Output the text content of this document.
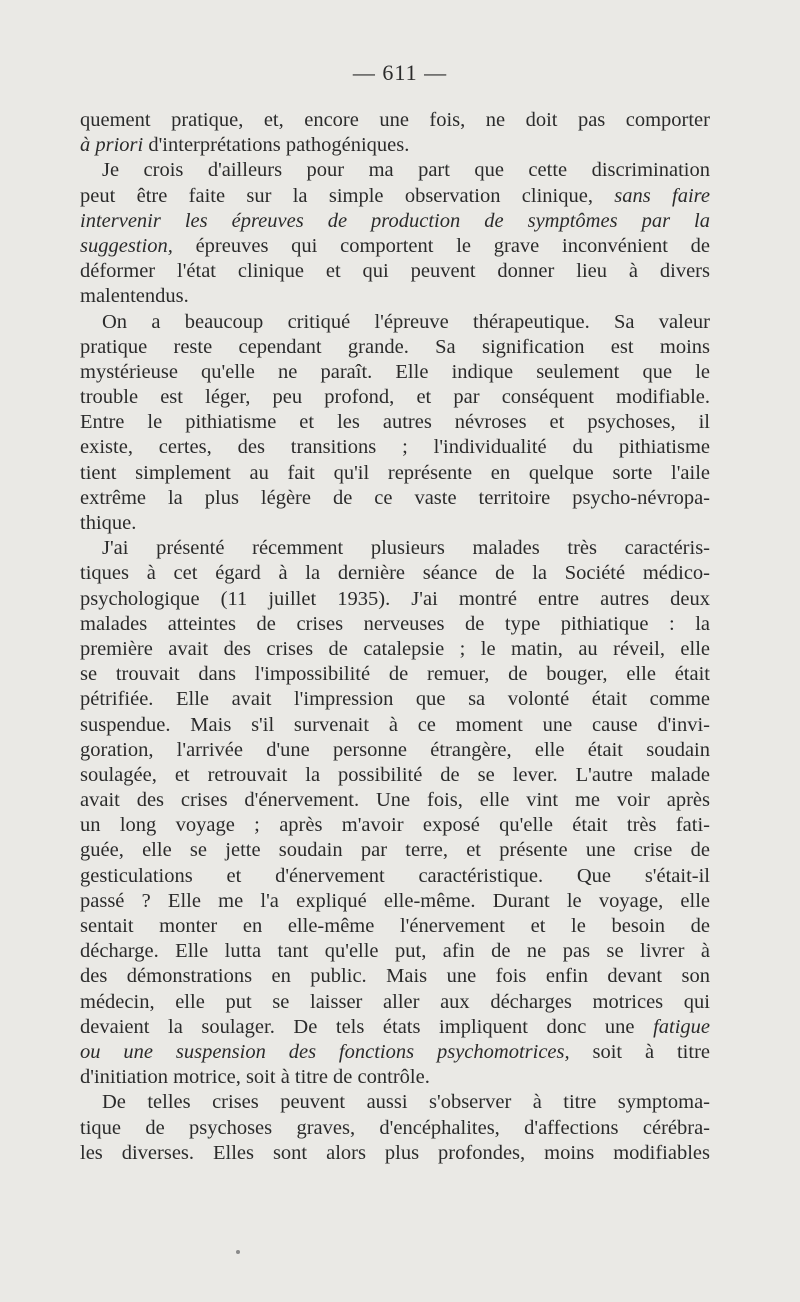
— 611 —
quement pratique, et, encore une fois, ne doit pas comporter
à priori d'interprétations pathogéniques.
Je crois d'ailleurs pour ma part que cette discrimination
peut être faite sur la simple observation clinique, sans faire
intervenir les épreuves de production de symptômes par la
suggestion, épreuves qui comportent le grave inconvénient de
déformer l'état clinique et qui peuvent donner lieu à divers
malentendus.
On a beaucoup critiqué l'épreuve thérapeutique. Sa valeur
pratique reste cependant grande. Sa signification est moins
mystérieuse qu'elle ne paraît. Elle indique seulement que le
trouble est léger, peu profond, et par conséquent modifiable.
Entre le pithiatisme et les autres névroses et psychoses, il
existe, certes, des transitions ; l'individualité du pithiatisme
tient simplement au fait qu'il représente en quelque sorte l'aile
extrême la plus légère de ce vaste territoire psycho-névropa-
thique.
J'ai présenté récemment plusieurs malades très caractéris-
tiques à cet égard à la dernière séance de la Société médico-
psychologique (11 juillet 1935). J'ai montré entre autres deux
malades atteintes de crises nerveuses de type pithiatique : la
première avait des crises de catalepsie ; le matin, au réveil, elle
se trouvait dans l'impossibilité de remuer, de bouger, elle était
pétrifiée. Elle avait l'impression que sa volonté était comme
suspendue. Mais s'il survenait à ce moment une cause d'invi-
goration, l'arrivée d'une personne étrangère, elle était soudain
soulagée, et retrouvait la possibilité de se lever. L'autre malade
avait des crises d'énervement. Une fois, elle vint me voir après
un long voyage ; après m'avoir exposé qu'elle était très fati-
guée, elle se jette soudain par terre, et présente une crise de
gesticulations et d'énervement caractéristique. Que s'était-il
passé ? Elle me l'a expliqué elle-même. Durant le voyage, elle
sentait monter en elle-même l'énervement et le besoin de
décharge. Elle lutta tant qu'elle put, afin de ne pas se livrer à
des démonstrations en public. Mais une fois enfin devant son
médecin, elle put se laisser aller aux décharges motrices qui
devaient la soulager. De tels états impliquent donc une fatigue
ou une suspension des fonctions psychomotrices, soit à titre
d'initiation motrice, soit à titre de contrôle.
De telles crises peuvent aussi s'observer à titre symptoma-
tique de psychoses graves, d'encéphalites, d'affections cérébra-
les diverses. Elles sont alors plus profondes, moins modifiables
